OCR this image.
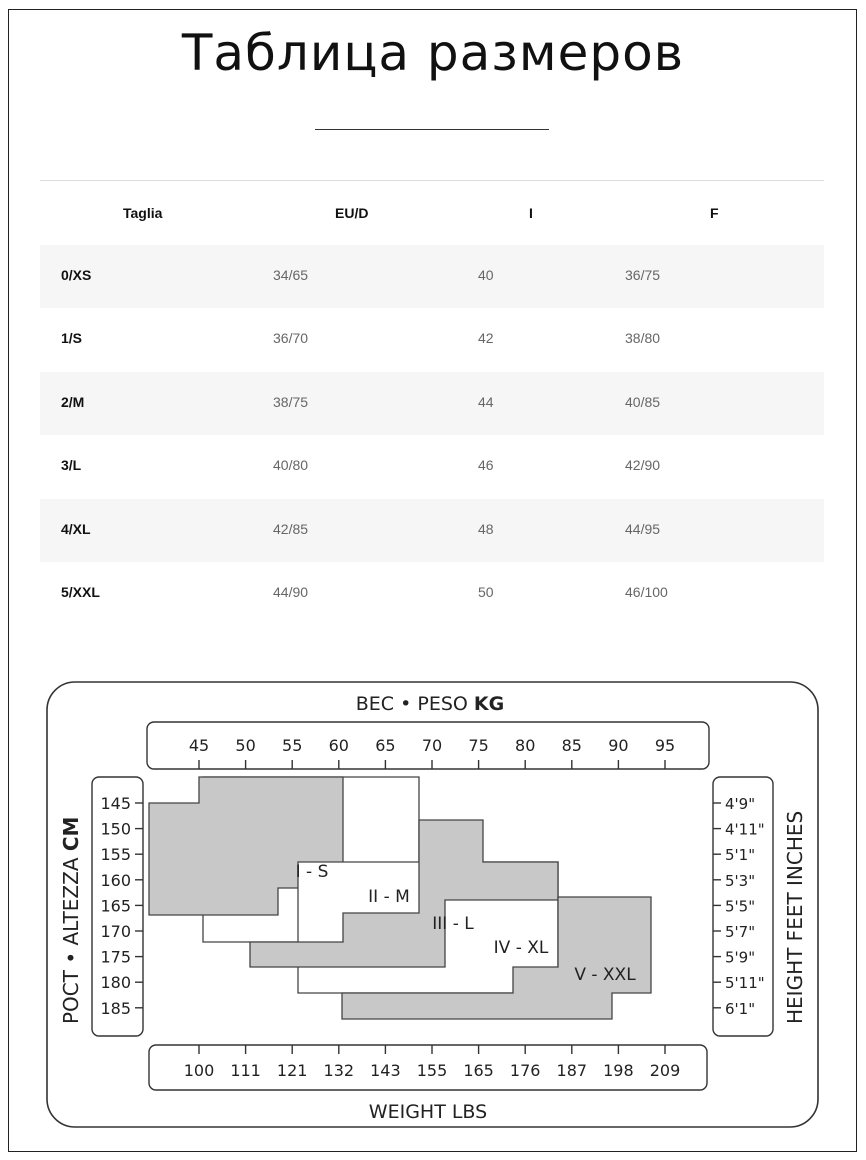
Таблица размеров
Taglia	EU/D	I	F
0/XS	34/65	40	36/75
1/S	36/70	42	38/80
2/M	38/75	44	40/85
3/L	40/80	46	42/90
4/XL	42/85	48	44/95
5/XXL	44/90	50	46/100
ВЕС • PESO KG
45 50 55 60 65 70 75 80 85 90 95
100 111 121 132 143 155 165 176 187 198 209
WEIGHT LBS
145
150
155
160
165
170
175
180
185
РОСТ • ALTEZZA CM
4'9"
4'11"
5'1"
5'3"
5'5"
5'7"
5'9"
5'11"
6'1" HEIGHT FEET INCHES
I - S
II - M
III - L
IV - XL
V - XXL
